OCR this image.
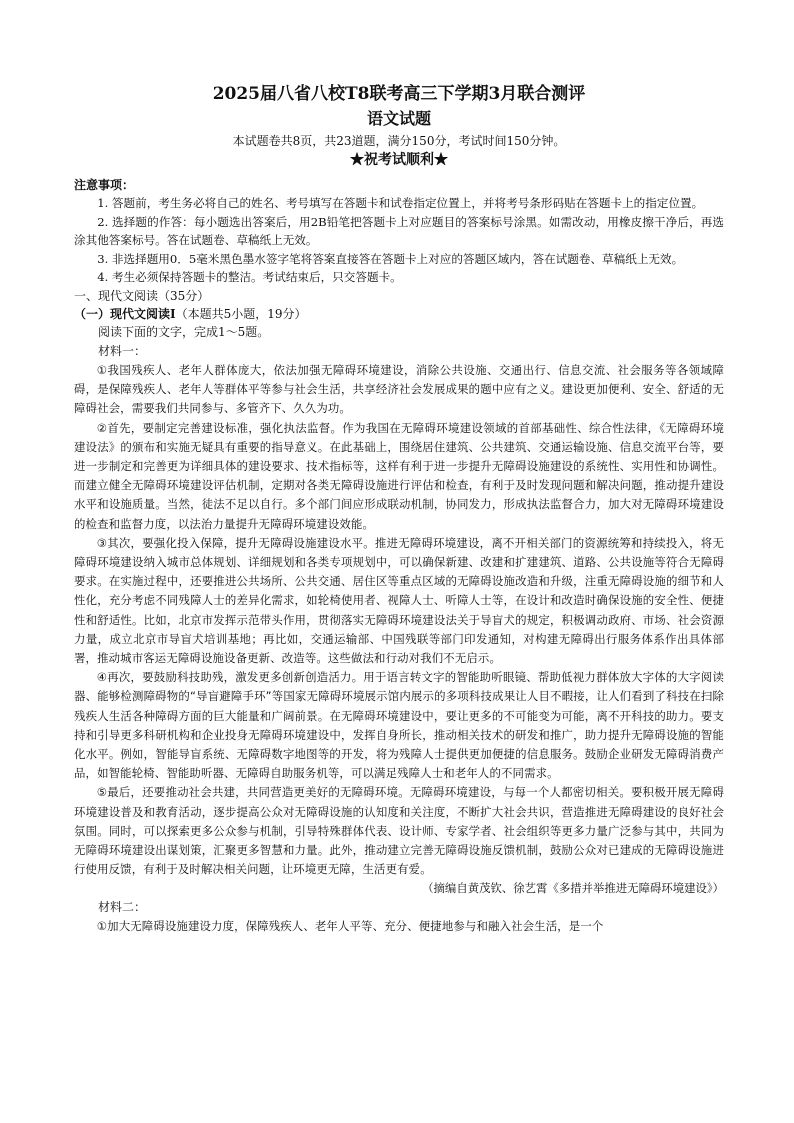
2025届八省八校T8联考高三下学期3月联合测评
语文试题

本试题卷共8页，共23道题，满分150分，考试时间150分钟。

★祝考试顺利★

注意事项：

1. 答题前，考生务必将自己的姓名、考号填写在答题卡和试卷指定位置上，并将考号条形码贴在答题卡上的指定位置。

2. 选择题的作答：每小题选出答案后，用2B铅笔把答题卡上对应题目的答案标号涂黑。如需改动，用橡皮擦干净后，再选涂其他答案标号。答在试题卷、草稿纸上无效。

3. 非选择题用0．5毫米黑色墨水签字笔将答案直接答在答题卡上对应的答题区域内，答在试题卷、草稿纸上无效。

4. 考生必须保持答题卡的整洁。考试结束后，只交答题卡。

一、现代文阅读（35分）

（一）现代文阅读Ⅰ（本题共5小题，19分）

阅读下面的文字，完成1～5题。

材料一：

①我国残疾人、老年人群体庞大，依法加强无障碍环境建设，消除公共设施、交通出行、信息交流、社会服务等各领域障碍，是保障残疾人、老年人等群体平等参与社会生活，共享经济社会发展成果的题中应有之义。建设更加便利、安全、舒适的无障碍社会，需要我们共同参与、多管齐下、久久为功。

②首先，要制定完善建设标准，强化执法监督。作为我国在无障碍环境建设领域的首部基础性、综合性法律，《无障碍环境建设法》的颁布和实施无疑具有重要的指导意义。在此基础上，围绕居住建筑、公共建筑、交通运输设施、信息交流平台等，要进一步制定和完善更为详细具体的建设要求、技术指标等，这样有利于进一步提升无障碍设施建设的系统性、实用性和协调性。而建立健全无障碍环境建设评估机制，定期对各类无障碍设施进行评估和检查，有利于及时发现问题和解决问题，推动提升建设水平和设施质量。当然，徒法不足以自行。多个部门间应形成联动机制，协同发力，形成执法监督合力，加大对无障碍环境建设的检查和监督力度，以法治力量提升无障碍环境建设效能。

③其次，要强化投入保障，提升无障碍设施建设水平。推进无障碍环境建设，离不开相关部门的资源统筹和持续投入，将无障碍环境建设纳入城市总体规划、详细规划和各类专项规划中，可以确保新建、改建和扩建建筑、道路、公共设施等符合无障碍要求。在实施过程中，还要推进公共场所、公共交通、居住区等重点区域的无障碍设施改造和升级，注重无障碍设施的细节和人性化，充分考虑不同残障人士的差异化需求，如轮椅使用者、视障人士、听障人士等，在设计和改造时确保设施的安全性、便捷性和舒适性。比如，北京市发挥示范带头作用，贯彻落实无障碍环境建设法关于导盲犬的规定，积极调动政府、市场、社会资源力量，成立北京市导盲犬培训基地；再比如，交通运输部、中国残联等部门印发通知，对构建无障碍出行服务体系作出具体部署，推动城市客运无障碍设施设备更新、改造等。这些做法和行动对我们不无启示。

④再次，要鼓励科技助残，激发更多创新创造活力。用于语言转文字的智能助听眼镜、帮助低视力群体放大字体的大字阅读器、能够检测障碍物的“导盲避障手环”等国家无障碍环境展示馆内展示的多项科技成果让人目不暇接，让人们看到了科技在扫除残疾人生活各种障碍方面的巨大能量和广阔前景。在无障碍环境建设中，要让更多的不可能变为可能，离不开科技的助力。要支持和引导更多科研机构和企业投身无障碍环境建设中，发挥自身所长，推动相关技术的研发和推广，助力提升无障碍设施的智能化水平。例如，智能导盲系统、无障碍数字地图等的开发，将为残障人士提供更加便捷的信息服务。鼓励企业研发无障碍消费产品，如智能轮椅、智能助听器、无障碍自助服务机等，可以满足残障人士和老年人的不同需求。

⑤最后，还要推动社会共建，共同营造更美好的无障碍环境。无障碍环境建设，与每一个人都密切相关。要积极开展无障碍环境建设普及和教育活动，逐步提高公众对无障碍设施的认知度和关注度，不断扩大社会共识，营造推进无障碍建设的良好社会氛围。同时，可以探索更多公众参与机制，引导特殊群体代表、设计师、专家学者、社会组织等更多力量广泛参与其中，共同为无障碍环境建设出谋划策，汇聚更多智慧和力量。此外，推动建立完善无障碍设施反馈机制，鼓励公众对已建成的无障碍设施进行使用反馈，有利于及时解决相关问题，让环境更无障，生活更有爱。

（摘编自黄茂钦、徐艺霄《多措并举推进无障碍环境建设》）

材料二：

①加大无障碍设施建设力度，保障残疾人、老年人平等、充分、便捷地参与和融入社会生活，是一个
